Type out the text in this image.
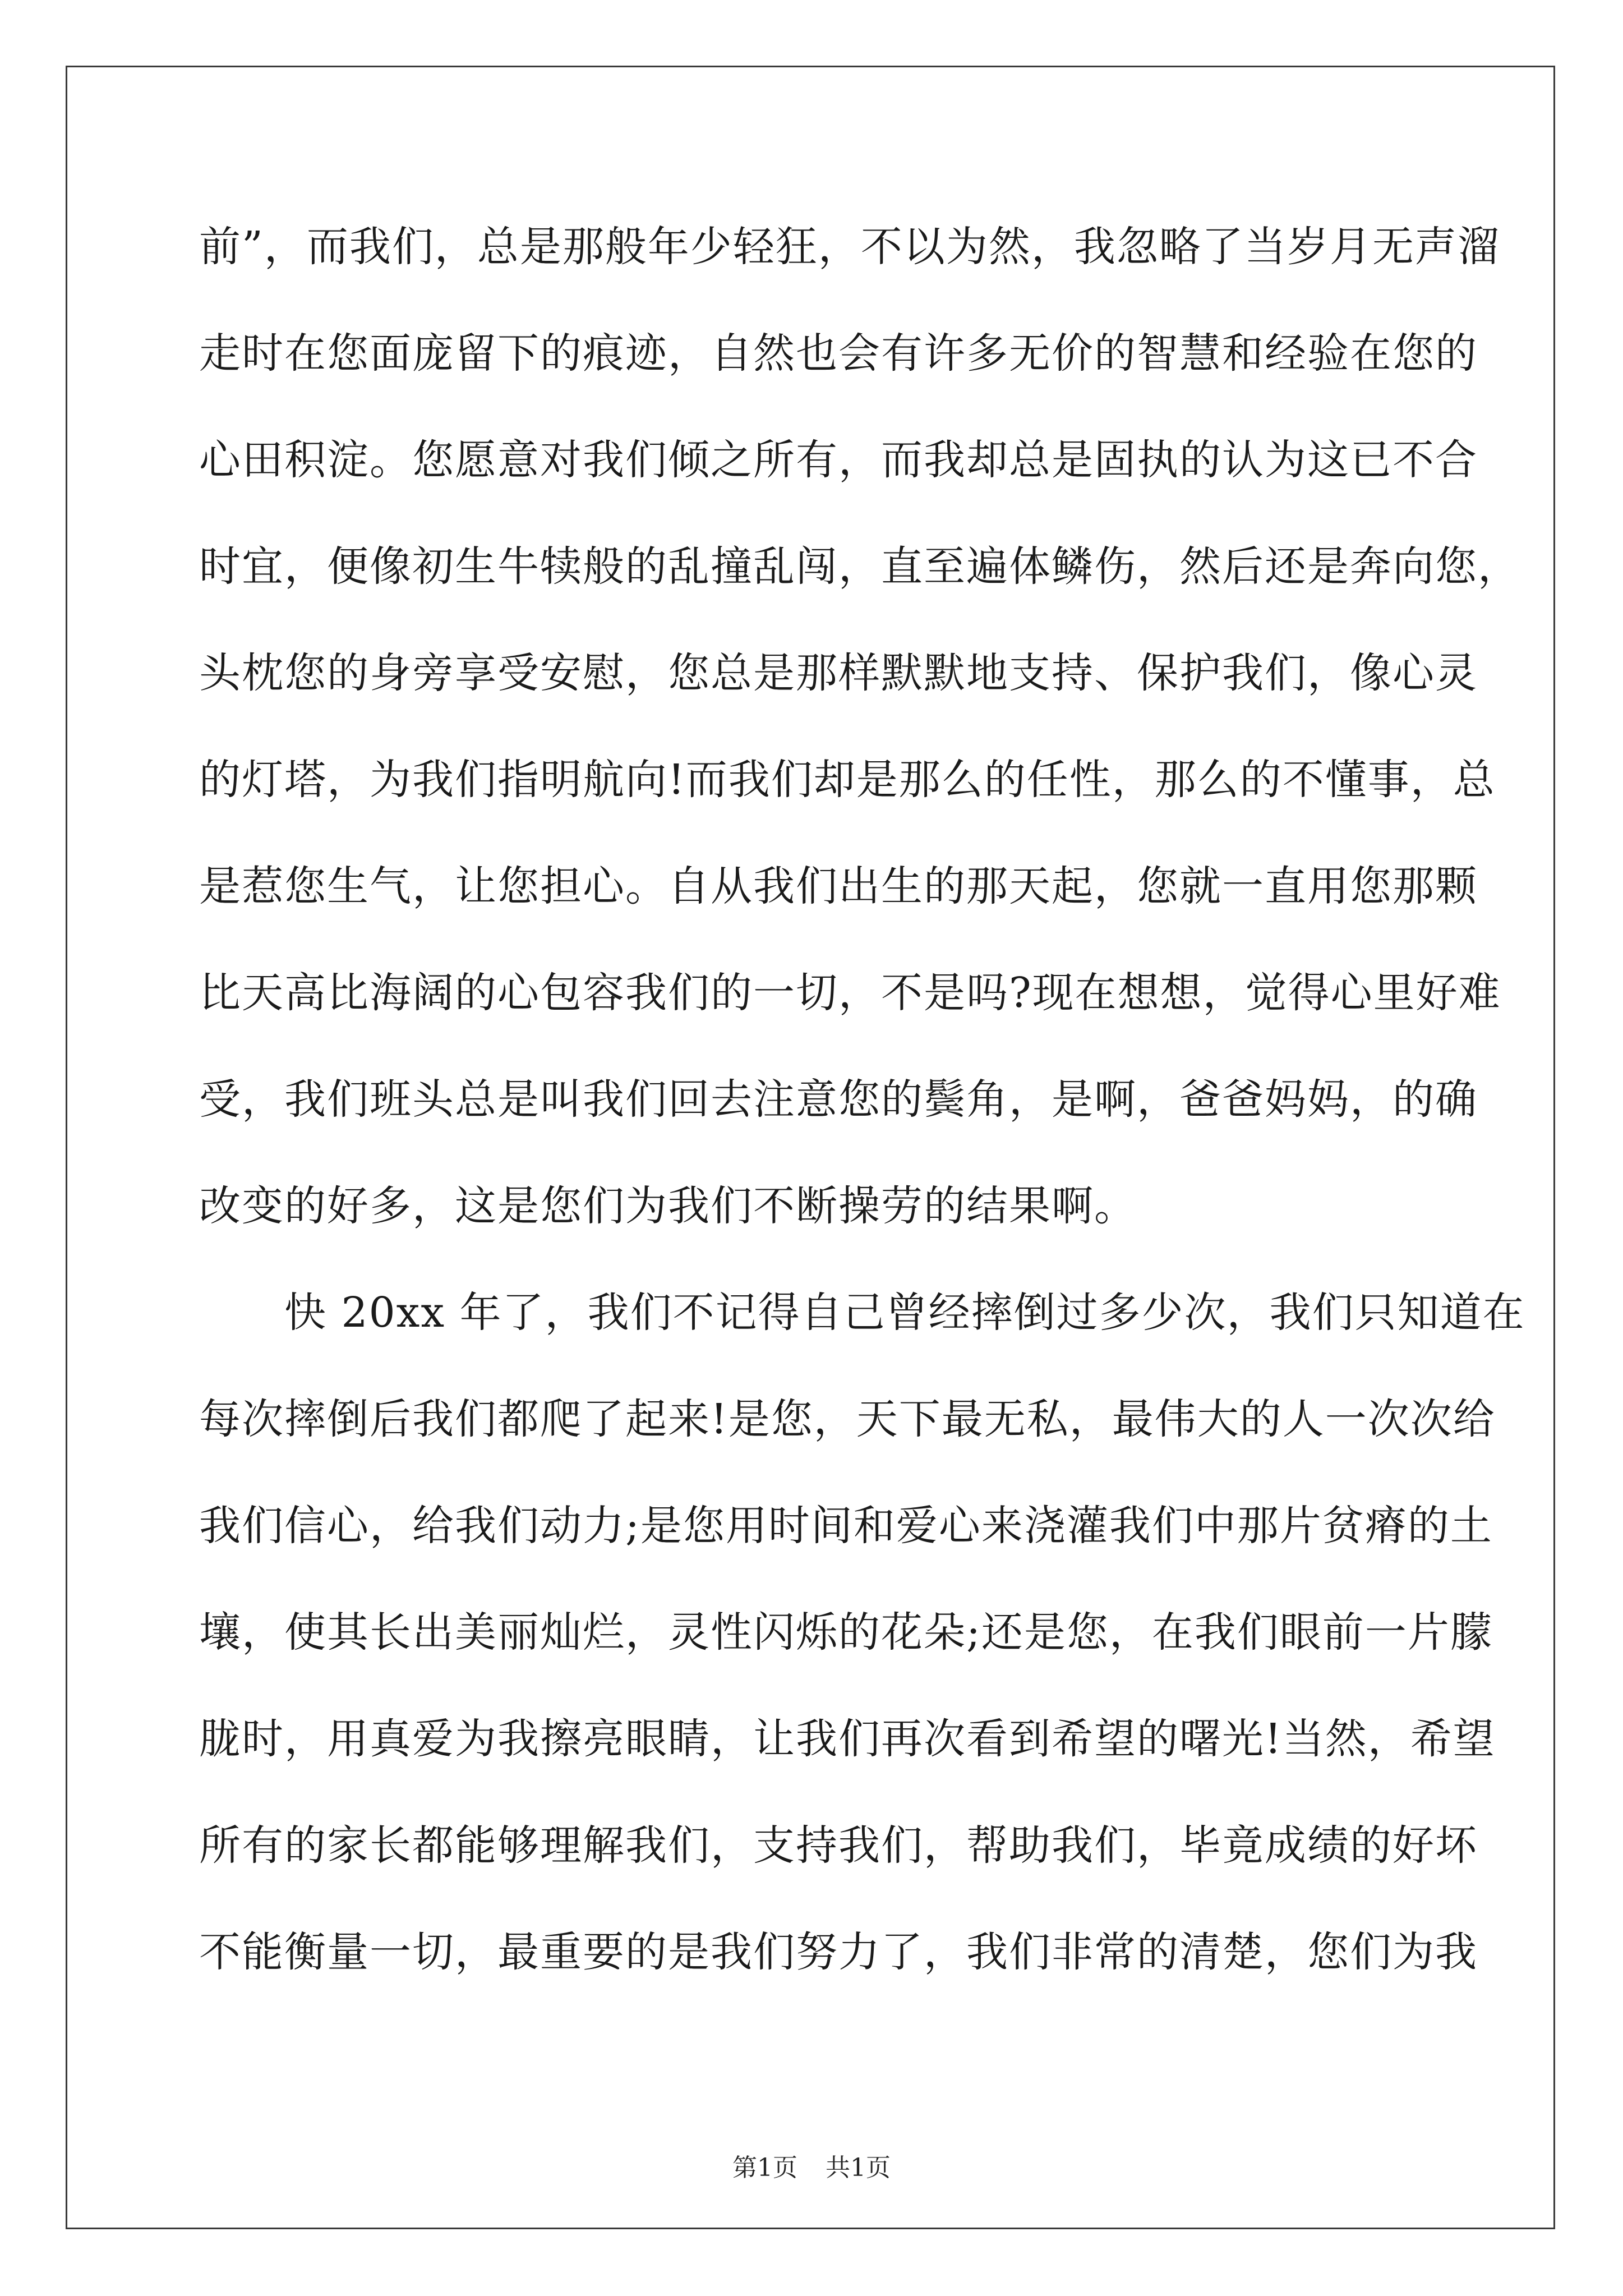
前”，而我们，总是那般年少轻狂，不以为然，我忽略了当岁月无声溜
走时在您面庞留下的痕迹，自然也会有许多无价的智慧和经验在您的
心田积淀。您愿意对我们倾之所有，而我却总是固执的认为这已不合
时宜，便像初生牛犊般的乱撞乱闯，直至遍体鳞伤，然后还是奔向您，
头枕您的身旁享受安慰，您总是那样默默地支持、保护我们，像心灵
的灯塔，为我们指明航向!而我们却是那么的任性，那么的不懂事，总
是惹您生气，让您担心。自从我们出生的那天起，您就一直用您那颗
比天高比海阔的心包容我们的一切，不是吗?现在想想，觉得心里好难
受，我们班头总是叫我们回去注意您的鬓角，是啊，爸爸妈妈，的确
改变的好多，这是您们为我们不断操劳的结果啊。
　　快 20xx 年了，我们不记得自己曾经摔倒过多少次，我们只知道在
每次摔倒后我们都爬了起来!是您，天下最无私，最伟大的人一次次给
我们信心，给我们动力;是您用时间和爱心来浇灌我们中那片贫瘠的土
壤，使其长出美丽灿烂，灵性闪烁的花朵;还是您，在我们眼前一片朦
胧时，用真爱为我擦亮眼睛，让我们再次看到希望的曙光!当然，希望
所有的家长都能够理解我们，支持我们，帮助我们，毕竟成绩的好坏
不能衡量一切，最重要的是我们努力了，我们非常的清楚，您们为我
第1页 共1页
